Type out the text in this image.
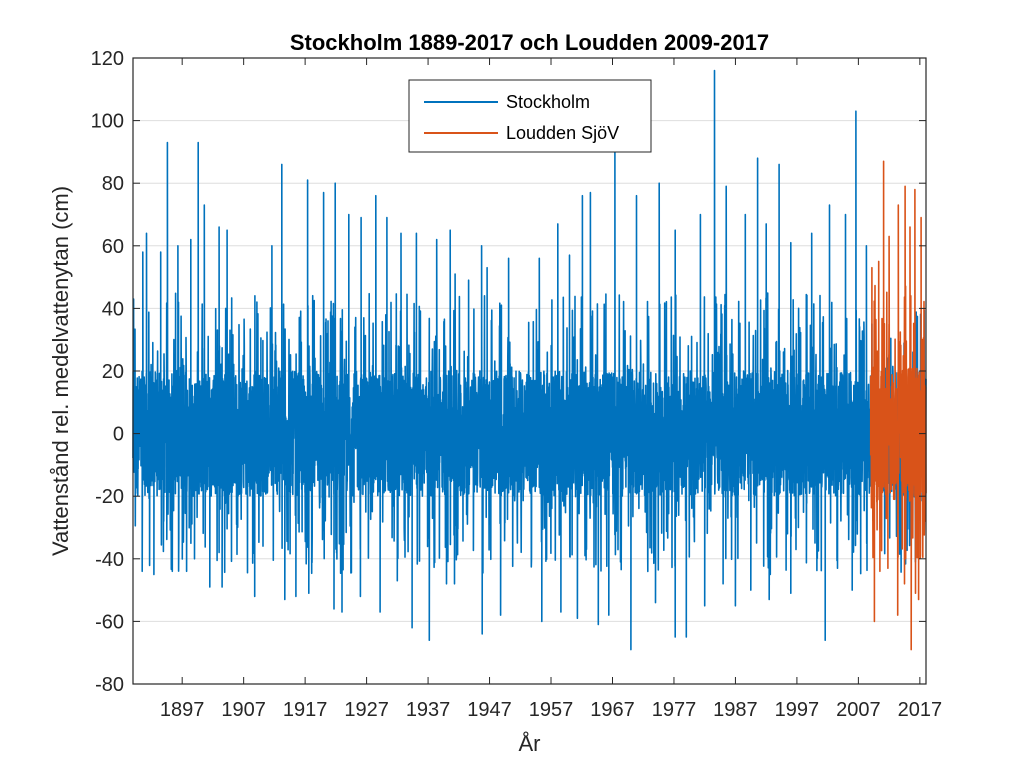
-80
-60
-40
-20
0
20
40
60
80
100
120
1897 1907 1917 1927 1937 1947 1957 1967 1977 1987 1997 2007 2017
Stockholm 1889-2017 och Loudden 2009-2017
År
Vattenstånd rel. medelvattenytan (cm)
Stockholm
Loudden SjöV
